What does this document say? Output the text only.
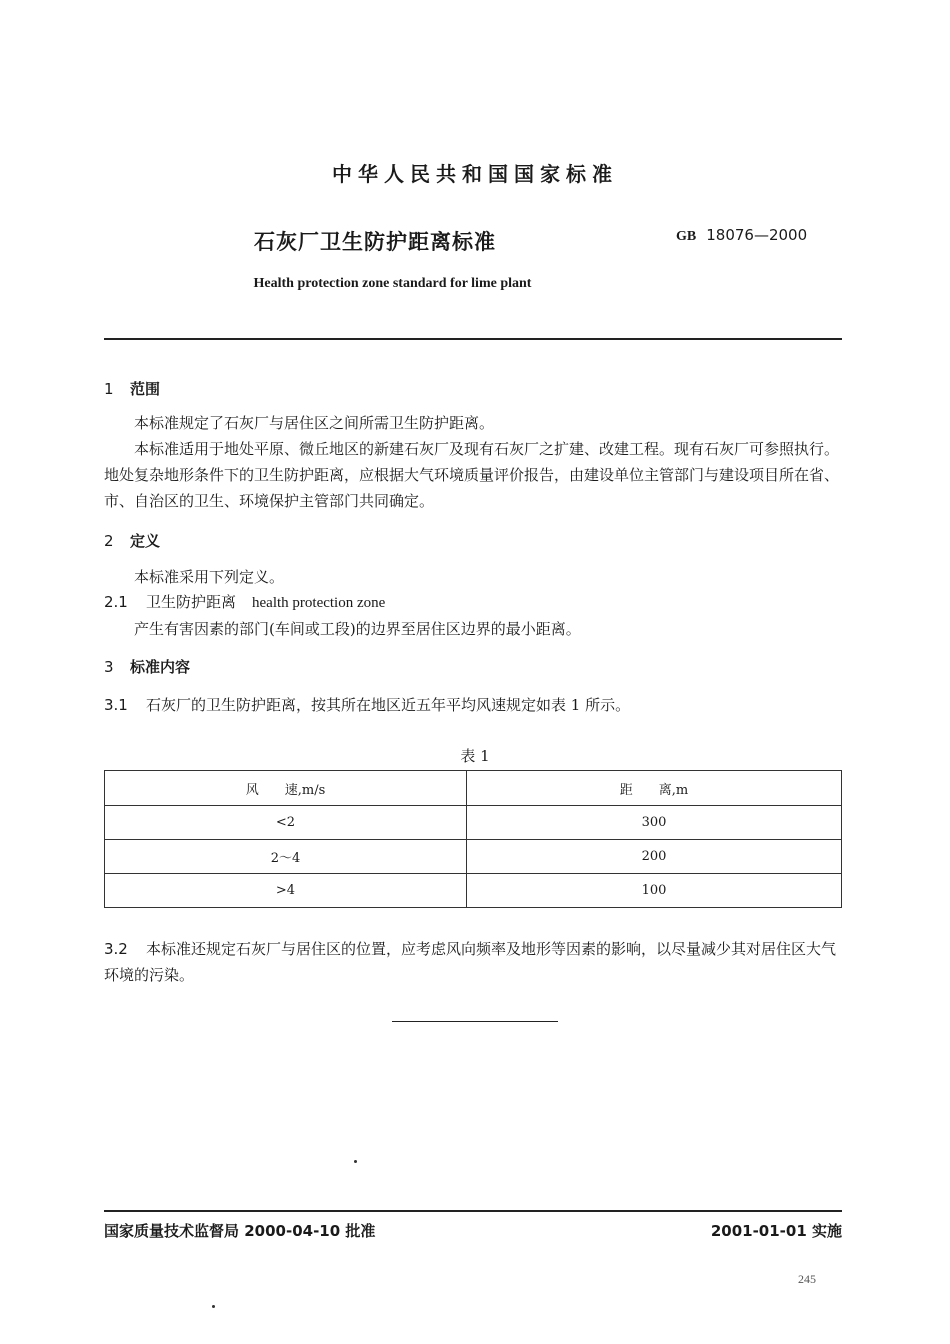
中华人民共和国国家标准
石灰厂卫生防护距离标准	GB 18076—2000
Health protection zone standard for lime plant
1 范围
本标准规定了石灰厂与居住区之间所需卫生防护距离。
本标准适用于地处平原、微丘地区的新建石灰厂及现有石灰厂之扩建、改建工程。现有石灰厂可参照执行。地处复杂地形条件下的卫生防护距离，应根据大气环境质量评价报告，由建设单位主管部门与建设项目所在省、市、自治区的卫生、环境保护主管部门共同确定。
2 定义
本标准采用下列定义。
2.1 卫生防护距离 health protection zone
产生有害因素的部门(车间或工段)的边界至居住区边界的最小距离。
3 标准内容
3.1 石灰厂的卫生防护距离，按其所在地区近五年平均风速规定如表 1 所示。
表 1
风　　速,m/s	距　　离,m
<2	300
2～4	200
>4	100
3.2 本标准还规定石灰厂与居住区的位置，应考虑风向频率及地形等因素的影响，以尽量减少其对居住区大气环境的污染。
国家质量技术监督局 2000-04-10 批准	2001-01-01 实施
245
